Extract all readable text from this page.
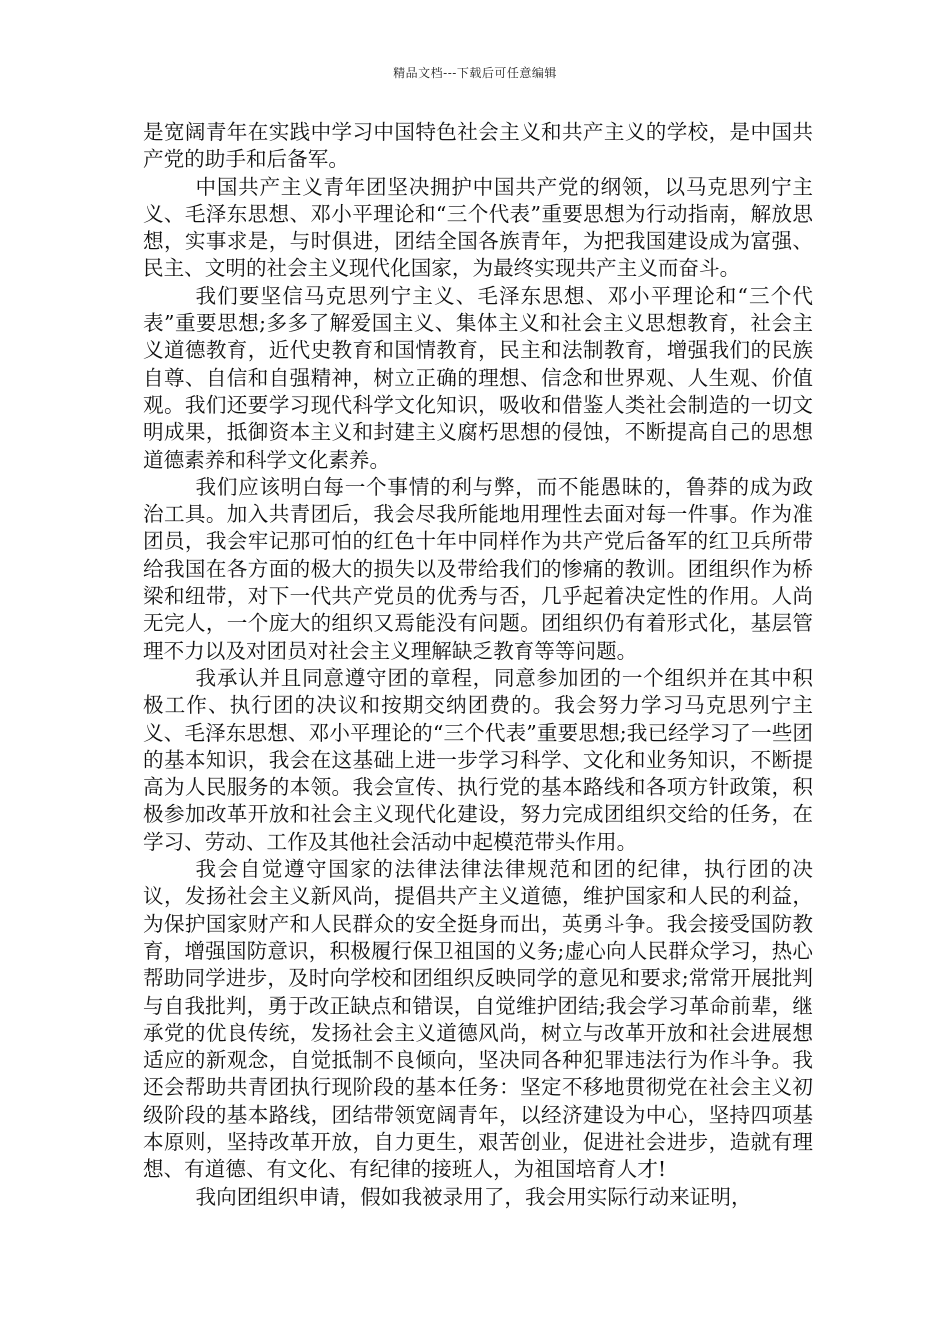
精品文档---下载后可任意编辑

是宽阔青年在实践中学习中国特色社会主义和共产主义的学校，是中国共产党的助手和后备军。

中国共产主义青年团坚决拥护中国共产党的纲领，以马克思列宁主义、毛泽东思想、邓小平理论和“三个代表”重要思想为行动指南，解放思想，实事求是，与时俱进，团结全国各族青年，为把我国建设成为富强、民主、文明的社会主义现代化国家，为最终实现共产主义而奋斗。

我们要坚信马克思列宁主义、毛泽东思想、邓小平理论和“三个代表”重要思想;多多了解爱国主义、集体主义和社会主义思想教育，社会主义道德教育，近代史教育和国情教育，民主和法制教育，增强我们的民族自尊、自信和自强精神，树立正确的理想、信念和世界观、人生观、价值观。我们还要学习现代科学文化知识，吸收和借鉴人类社会制造的一切文明成果，抵御资本主义和封建主义腐朽思想的侵蚀，不断提高自己的思想道德素养和科学文化素养。

我们应该明白每一个事情的利与弊，而不能愚昧的，鲁莽的成为政治工具。加入共青团后，我会尽我所能地用理性去面对每一件事。作为准团员，我会牢记那可怕的红色十年中同样作为共产党后备军的红卫兵所带给我国在各方面的极大的损失以及带给我们的惨痛的教训。团组织作为桥梁和纽带，对下一代共产党员的优秀与否，几乎起着决定性的作用。人尚无完人，一个庞大的组织又焉能没有问题。团组织仍有着形式化，基层管理不力以及对团员对社会主义理解缺乏教育等等问题。

我承认并且同意遵守团的章程，同意参加团的一个组织并在其中积极工作、执行团的决议和按期交纳团费的。我会努力学习马克思列宁主义、毛泽东思想、邓小平理论的“三个代表”重要思想;我已经学习了一些团的基本知识，我会在这基础上进一步学习科学、文化和业务知识，不断提高为人民服务的本领。我会宣传、执行党的基本路线和各项方针政策，积极参加改革开放和社会主义现代化建设，努力完成团组织交给的任务，在学习、劳动、工作及其他社会活动中起模范带头作用。

我会自觉遵守国家的法律法律法律规范和团的纪律，执行团的决议，发扬社会主义新风尚，提倡共产主义道德，维护国家和人民的利益，为保护国家财产和人民群众的安全挺身而出，英勇斗争。我会接受国防教育，增强国防意识，积极履行保卫祖国的义务;虚心向人民群众学习，热心帮助同学进步，及时向学校和团组织反映同学的意见和要求;常常开展批判与自我批判，勇于改正缺点和错误，自觉维护团结;我会学习革命前辈，继承党的优良传统，发扬社会主义道德风尚，树立与改革开放和社会进展想适应的新观念，自觉抵制不良倾向，坚决同各种犯罪违法行为作斗争。我还会帮助共青团执行现阶段的基本任务：坚定不移地贯彻党在社会主义初级阶段的基本路线，团结带领宽阔青年，以经济建设为中心，坚持四项基本原则，坚持改革开放，自力更生，艰苦创业，促进社会进步，造就有理想、有道德、有文化、有纪律的接班人，为祖国培育人才!

我向团组织申请，假如我被录用了，我会用实际行动来证明，
